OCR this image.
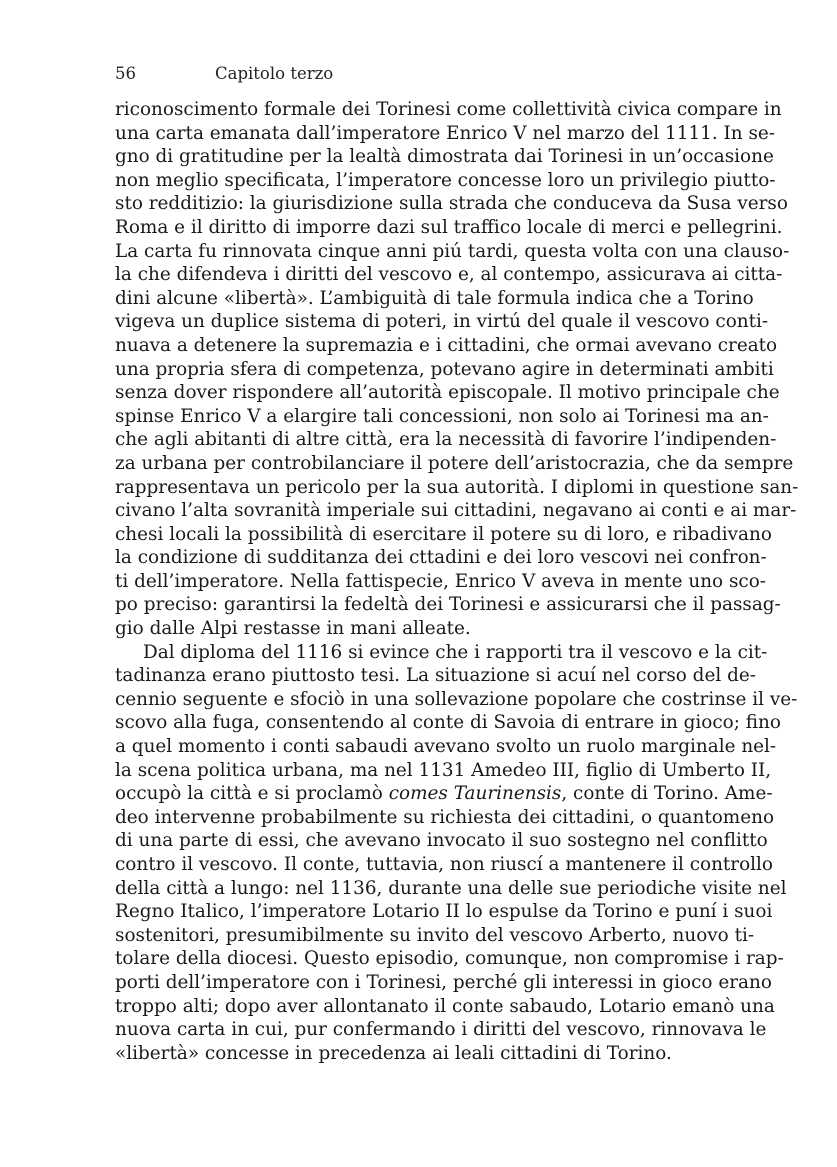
56	Capitolo terzo

riconoscimento formale dei Torinesi come collettività civica compare in
una carta emanata dall’imperatore Enrico V nel marzo del 1111. In se-
gno di gratitudine per la lealtà dimostrata dai Torinesi in un’occasione
non meglio specificata, l’imperatore concesse loro un privilegio piutto-
sto redditizio: la giurisdizione sulla strada che conduceva da Susa verso
Roma e il diritto di imporre dazi sul traffico locale di merci e pellegrini.
La carta fu rinnovata cinque anni piú tardi, questa volta con una clauso-
la che difendeva i diritti del vescovo e, al contempo, assicurava ai citta-
dini alcune «libertà». L’ambiguità di tale formula indica che a Torino
vigeva un duplice sistema di poteri, in virtú del quale il vescovo conti-
nuava a detenere la supremazia e i cittadini, che ormai avevano creato
una propria sfera di competenza, potevano agire in determinati ambiti
senza dover rispondere all’autorità episcopale. Il motivo principale che
spinse Enrico V a elargire tali concessioni, non solo ai Torinesi ma an-
che agli abitanti di altre città, era la necessità di favorire l’indipenden-
za urbana per controbilanciare il potere dell’aristocrazia, che da sempre
rappresentava un pericolo per la sua autorità. I diplomi in questione san-
civano l’alta sovranità imperiale sui cittadini, negavano ai conti e ai mar-
chesi locali la possibilità di esercitare il potere su di loro, e ribadivano
la condizione di sudditanza dei cttadini e dei loro vescovi nei confron-
ti dell’imperatore. Nella fattispecie, Enrico V aveva in mente uno sco-
po preciso: garantirsi la fedeltà dei Torinesi e assicurarsi che il passag-
gio dalle Alpi restasse in mani alleate.

Dal diploma del 1116 si evince che i rapporti tra il vescovo e la cit-
tadinanza erano piuttosto tesi. La situazione si acuí nel corso del de-
cennio seguente e sfociò in una sollevazione popolare che costrinse il ve-
scovo alla fuga, consentendo al conte di Savoia di entrare in gioco; fino
a quel momento i conti sabaudi avevano svolto un ruolo marginale nel-
la scena politica urbana, ma nel 1131 Amedeo III, figlio di Umberto II,
occupò la città e si proclamò comes Taurinensis, conte di Torino. Ame-
deo intervenne probabilmente su richiesta dei cittadini, o quantomeno
di una parte di essi, che avevano invocato il suo sostegno nel conflitto
contro il vescovo. Il conte, tuttavia, non riuscí a mantenere il controllo
della città a lungo: nel 1136, durante una delle sue periodiche visite nel
Regno Italico, l’imperatore Lotario II lo espulse da Torino e puní i suoi
sostenitori, presumibilmente su invito del vescovo Arberto, nuovo ti-
tolare della diocesi. Questo episodio, comunque, non compromise i rap-
porti dell’imperatore con i Torinesi, perché gli interessi in gioco erano
troppo alti; dopo aver allontanato il conte sabaudo, Lotario emanò una
nuova carta in cui, pur confermando i diritti del vescovo, rinnovava le
«libertà» concesse in precedenza ai leali cittadini di Torino.
